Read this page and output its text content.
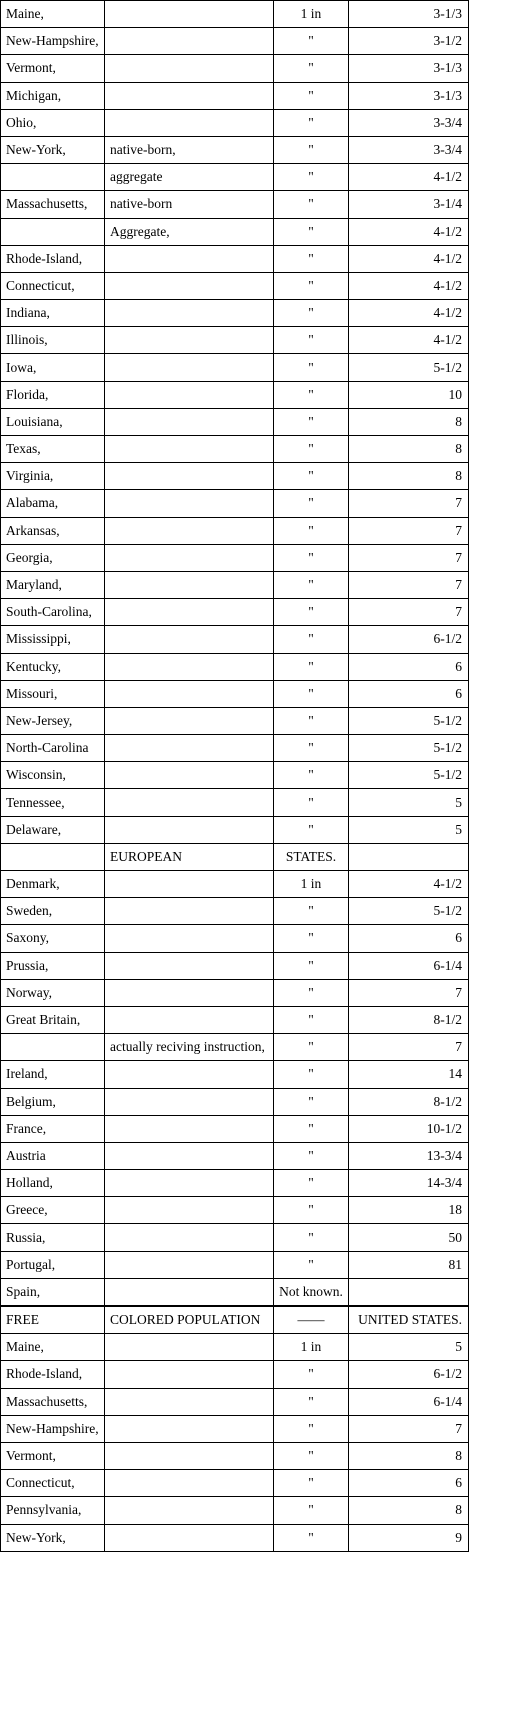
Maine,		1 in	3-1/3
New-Hampshire,		"	3-1/2
Vermont,		"	3-1/3
Michigan,		"	3-1/3
Ohio,		"	3-3/4
New-York,	native-born,	"	3-3/4
	aggregate	"	4-1/2
Massachusetts,	native-born	"	3-1/4
	Aggregate,	"	4-1/2
Rhode-Island,		"	4-1/2
Connecticut,		"	4-1/2
Indiana,		"	4-1/2
Illinois,		"	4-1/2
Iowa,		"	5-1/2
Florida,		"	10
Louisiana,		"	8
Texas,		"	8
Virginia,		"	8
Alabama,		"	7
Arkansas,		"	7
Georgia,		"	7
Maryland,		"	7
South-Carolina,		"	7
Mississippi,		"	6-1/2
Kentucky,		"	6
Missouri,		"	6
New-Jersey,		"	5-1/2
North-Carolina		"	5-1/2
Wisconsin,		"	5-1/2
Tennessee,		"	5
Delaware,		"	5
	EUROPEAN	STATES.	
Denmark,		1 in	4-1/2
Sweden,		"	5-1/2
Saxony,		"	6
Prussia,		"	6-1/4
Norway,		"	7
Great Britain,		"	8-1/2
	actually reciving instruction,	"	7
Ireland,		"	14
Belgium,		"	8-1/2
France,		"	10-1/2
Austria		"	13-3/4
Holland,		"	14-3/4
Greece,		"	18
Russia,		"	50
Portugal,		"	81
Spain,		Not known.	
FREE	COLORED POPULATION	——	UNITED STATES.
Maine,		1 in	5
Rhode-Island,		"	6-1/2
Massachusetts,		"	6-1/4
New-Hampshire,		"	7
Vermont,		"	8
Connecticut,		"	6
Pennsylvania,		"	8
New-York,		"	9
